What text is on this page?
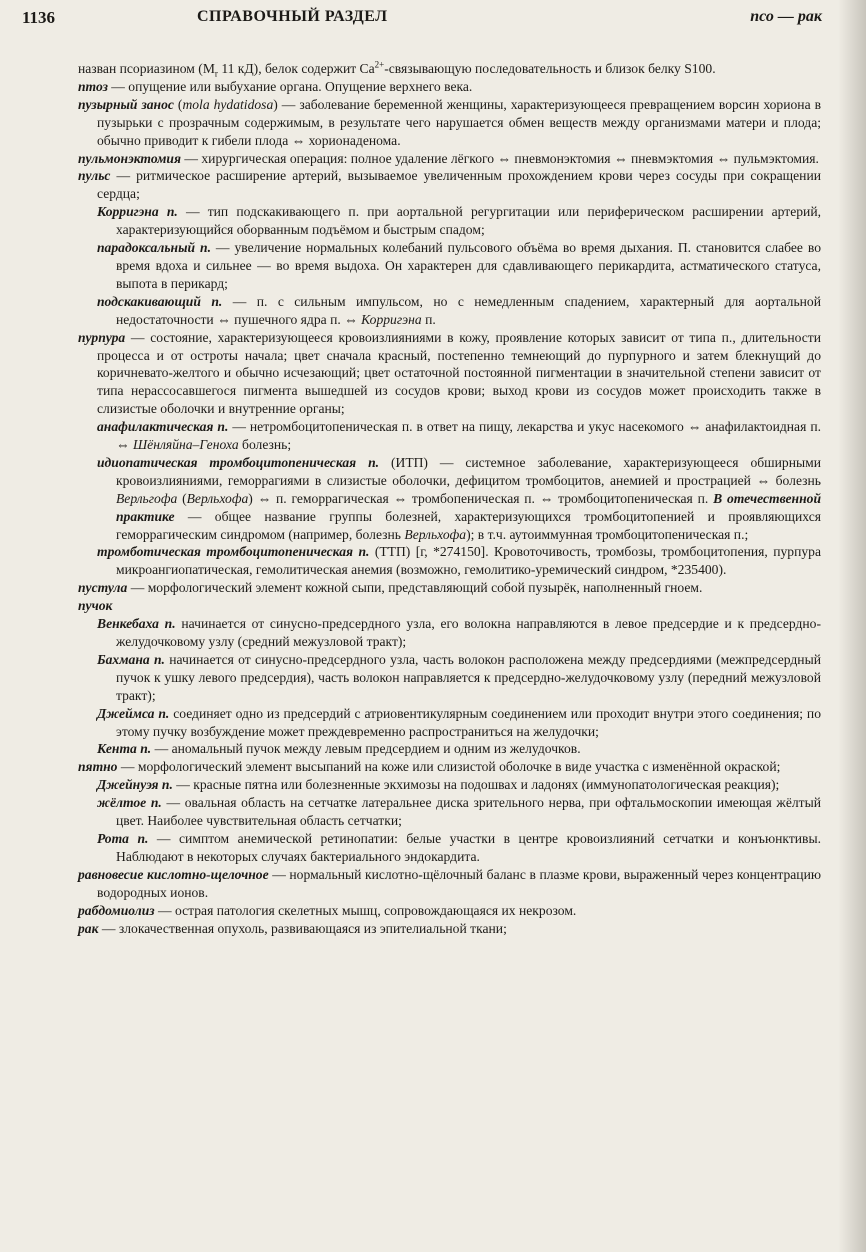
1136	СПРАВОЧНЫЙ РАЗДЕЛ	псо — рак

назван псориазином ($M_r$ 11 кД), белок содержит $Ca^{2+}$-связывающую последовательность и близок белку S100.

птоз — опущение или выбухание органа. Опущение верхнего века.

пузырный занос (mola hydatidosa) — заболевание беременной женщины, характеризующееся превращением ворсин хориона в пузырьки с прозрачным содержимым, в результате чего нарушается обмен веществ между организмами матери и плода; обычно приводит к гибели плода ⇔ хорионаденома.

пульмонэктомия — хирургическая операция: полное удаление лёгкого ⇔ пневмонэктомия ⇔ пневмэктомия ⇔ пульмэктомия.

пульс — ритмическое расширение артерий, вызываемое увеличенным прохождением крови через сосуды при сокращении сердца;

Корригэна п. — тип подскакивающего п. при аортальной регургитации или периферическом расширении артерий, характеризующийся оборванным подъёмом и быстрым спадом;

парадоксальный п. — увеличение нормальных колебаний пульсового объёма во время дыхания. П. становится слабее во время вдоха и сильнее — во время выдоха. Он характерен для сдавливающего перикардита, астматического статуса, выпота в перикард;

подскакивающий п. — п. с сильным импульсом, но с немедленным спадением, характерный для аортальной недостаточности ⇔ пушечного ядра п. ⇔ Корригэна п.

пурпура — состояние, характеризующееся кровоизлияниями в кожу, проявление которых зависит от типа п., длительности процесса и от остроты начала; цвет сначала красный, постепенно темнеющий до пурпурного и затем блекнущий до коричневато-желтого и обычно исчезающий; цвет остаточной постоянной пигментации в значительной степени зависит от типа нерассосавшегося пигмента вышедшей из сосудов крови; выход крови из сосудов может происходить также в слизистые оболочки и внутренние органы;

анафилактическая п. — нетромбоцитопеническая п. в ответ на пищу, лекарства и укус насекомого ⇔ анафилактоидная п. ⇔ Шёнляйна–Геноха болезнь;

идиопатическая тромбоцитопеническая п. (ИТП) — системное заболевание, характеризующееся обширными кровоизлияниями, геморрагиями в слизистые оболочки, дефицитом тромбоцитов, анемией и прострацией ⇔ болезнь Верльгофа (Верльхофа) ⇔ п. геморрагическая ⇔ тромбопеническая п. ⇔ тромбоцитопеническая п. В отечественной практике — общее название группы болезней, характеризующихся тромбоцитопенией и проявляющихся геморрагическим синдромом (например, болезнь Верльхофа); в т.ч. аутоиммунная тромбоцитопеническая п.;

тромботическая тромбоцитопеническая п. (ТТП) [г, *274150]. Кровоточивость, тромбозы, тромбоцитопения, пурпура микроангиопатическая, гемолитическая анемия (возможно, гемолитико-уремический синдром, *235400).

пустула — морфологический элемент кожной сыпи, представляющий собой пузырёк, наполненный гноем.

пучок

Венкебаха п. начинается от синусно-предсердного узла, его волокна направляются в левое предсердие и к предсердно-желудочковому узлу (средний межузловой тракт);

Бахмана п. начинается от синусно-предсердного узла, часть волокон расположена между предсердиями (межпредсердный пучок к ушку левого предсердия), часть волокон направляется к предсердно-желудочковому узлу (передний межузловой тракт);

Джеймса п. соединяет одно из предсердий с атриовентикулярным соединением или проходит внутри этого соединения; по этому пучку возбуждение может преждевременно распространиться на желудочки;

Кента п. — аномальный пучок между левым предсердием и одним из желудочков.

пятно — морфологический элемент высыпаний на коже или слизистой оболочке в виде участка с изменённой окраской;

Джейнуэя п. — красные пятна или болезненные экхимозы на подошвах и ладонях (иммунопатологическая реакция);

жёлтое п. — овальная область на сетчатке латеральнее диска зрительного нерва, при офтальмоскопии имеющая жёлтый цвет. Наиболее чувствительная область сетчатки;

Рота п. — симптом анемической ретинопатии: белые участки в центре кровоизлияний сетчатки и конъюнктивы. Наблюдают в некоторых случаях бактериального эндокардита.

равновесие кислотно-щелочное — нормальный кислотно-щёлочный баланс в плазме крови, выраженный через концентрацию водородных ионов.

рабдомиолиз — острая патология скелетных мышц, сопровождающаяся их некрозом.

рак — злокачественная опухоль, развивающаяся из эпителиальной ткани;
